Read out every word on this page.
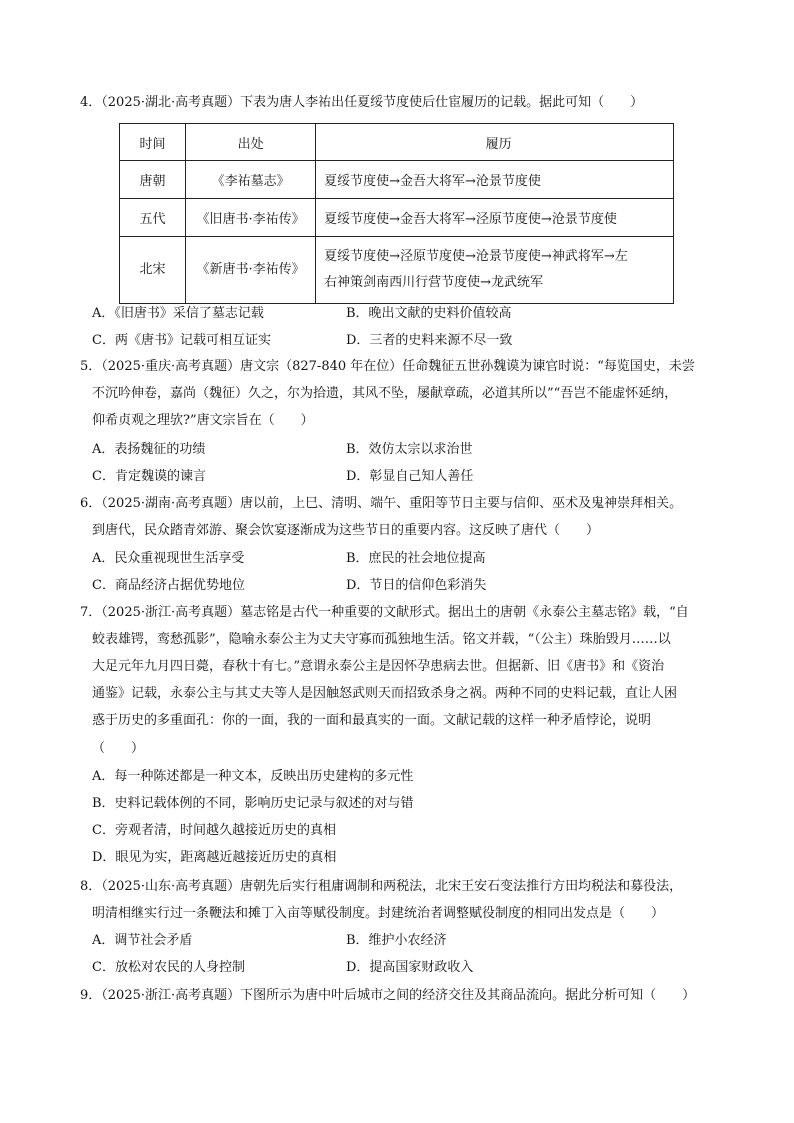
4．（2025·湖北·高考真题）下表为唐人李祐出任夏绥节度使后仕宦履历的记载。据此可知（　　）
时间	出处	履历
唐朝	《李祐墓志》	夏绥节度使→金吾大将军→沧景节度使
五代	《旧唐书·李祐传》	夏绥节度使→金吾大将军→泾原节度使→沧景节度使
北宋	《新唐书·李祐传》	夏绥节度使→泾原节度使→沧景节度使→神武将军→左
右神策剑南西川行营节度使→龙武统军
A．《旧唐书》采信了墓志记载	B．晚出文献的史料价值较高
C．两《唐书》记载可相互证实	D．三者的史料来源不尽一致
5．（2025·重庆·高考真题）唐文宗（827-840 年在位）任命魏征五世孙魏谟为谏官时说：“每览国史，未尝
不沉吟伸卷，嘉尚（魏征）久之，尔为拾遗，其风不坠，屡献章疏，必道其所以”“吾岂不能虚怀延纳，
仰希贞观之理欤?”唐文宗旨在（　　）
A．表扬魏征的功绩	B．效仿太宗以求治世
C．肯定魏谟的谏言	D．彰显自己知人善任
6．（2025·湖南·高考真题）唐以前，上巳、清明、端午、重阳等节日主要与信仰、巫术及鬼神崇拜相关。
到唐代，民众踏青郊游、聚会饮宴逐渐成为这些节日的重要内容。这反映了唐代（　　）
A．民众重视现世生活享受	B．庶民的社会地位提高
C．商品经济占据优势地位	D．节日的信仰色彩消失
7．（2025·浙江·高考真题）墓志铭是古代一种重要的文献形式。据出土的唐朝《永泰公主墓志铭》载，“自
蛟表雄锷，鸾愁孤影”，隐喻永泰公主为丈夫守寡而孤独地生活。铭文并载，“（公主）珠胎毁月……以
大足元年九月四日薨，春秋十有七。”意谓永泰公主是因怀孕患病去世。但据新、旧《唐书》和《资治
通鉴》记载，永泰公主与其丈夫等人是因触怒武则天而招致杀身之祸。两种不同的史料记载，直让人困
惑于历史的多重面孔：你的一面，我的一面和最真实的一面。文献记载的这样一种矛盾悖论，说明
（　　）
A．每一种陈述都是一种文本，反映出历史建构的多元性
B．史料记载体例的不同，影响历史记录与叙述的对与错
C．旁观者清，时间越久越接近历史的真相
D．眼见为实，距离越近越接近历史的真相
8．（2025·山东·高考真题）唐朝先后实行租庸调制和两税法，北宋王安石变法推行方田均税法和募役法，
明清相继实行过一条鞭法和摊丁入亩等赋役制度。封建统治者调整赋役制度的相同出发点是（　　）
A．调节社会矛盾	B．维护小农经济
C．放松对农民的人身控制	D．提高国家财政收入
9．（2025·浙江·高考真题）下图所示为唐中叶后城市之间的经济交往及其商品流向。据此分析可知（　　）
